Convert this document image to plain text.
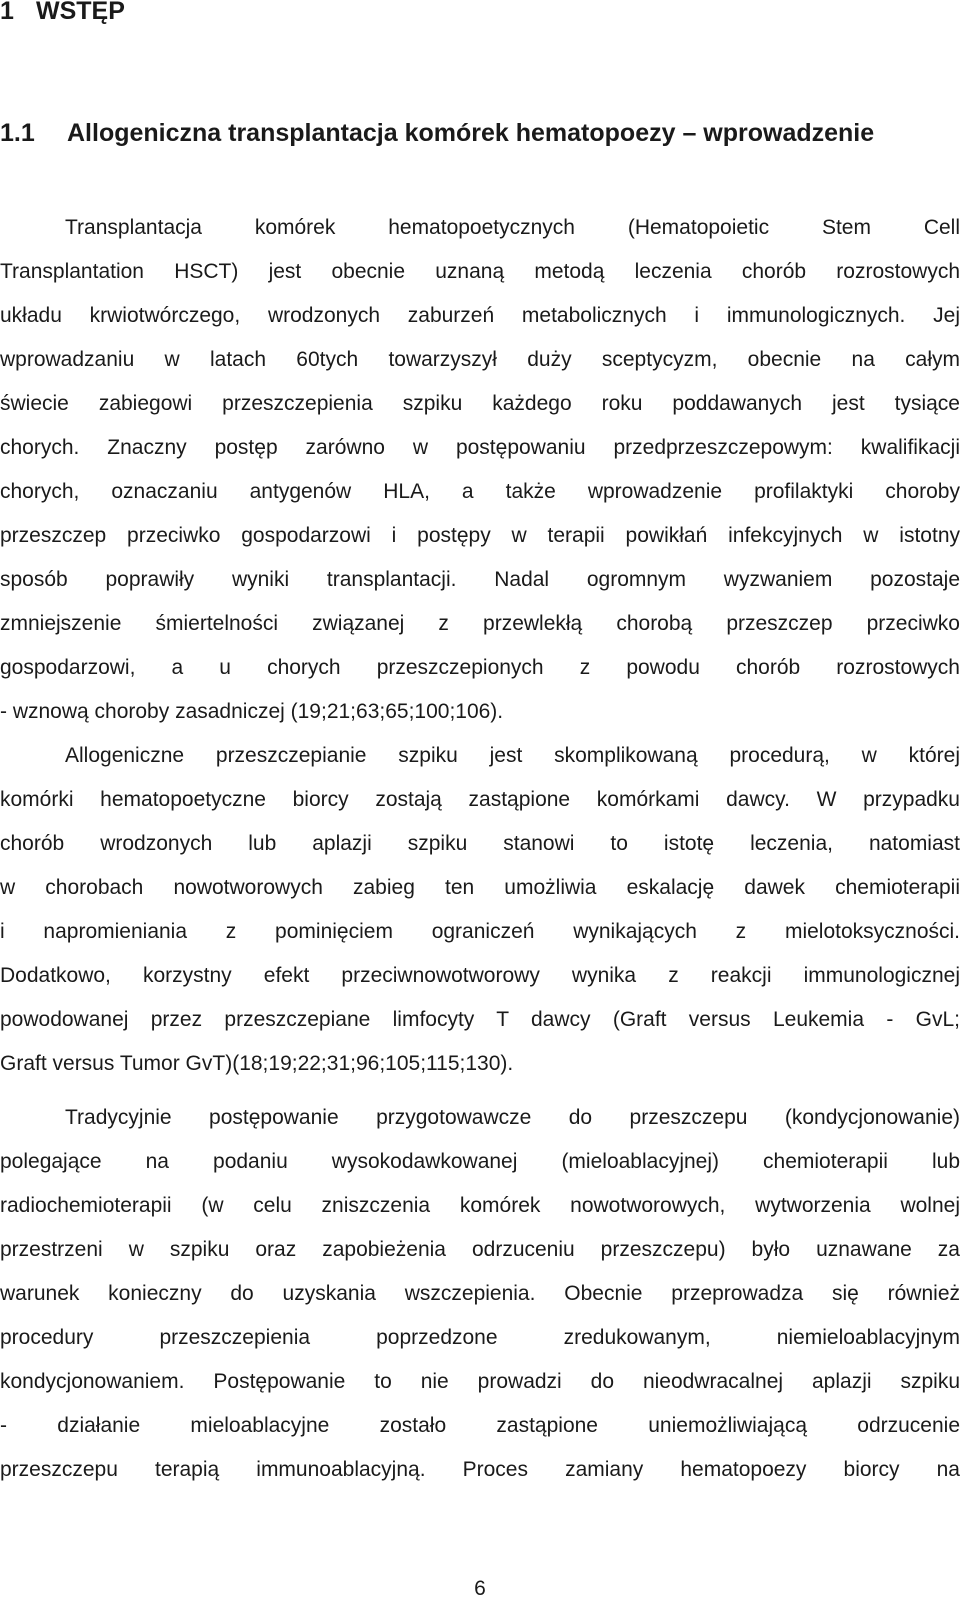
1 WSTĘP
1.1 Allogeniczna transplantacja komórek hematopoezy – wprowadzenie
Transplantacja komórek hematopoetycznych (Hematopoietic Stem Cell
Transplantation HSCT) jest obecnie uznaną metodą leczenia chorób rozrostowych
układu krwiotwórczego, wrodzonych zaburzeń metabolicznych i immunologicznych. Jej
wprowadzaniu w latach 60tych towarzyszył duży sceptycyzm, obecnie na całym
świecie zabiegowi przeszczepienia szpiku każdego roku poddawanych jest tysiące
chorych. Znaczny postęp zarówno w postępowaniu przedprzeszczepowym: kwalifikacji
chorych, oznaczaniu antygenów HLA, a także wprowadzenie profilaktyki choroby
przeszczep przeciwko gospodarzowi i postępy w terapii powikłań infekcyjnych w istotny
sposób poprawiły wyniki transplantacji. Nadal ogromnym wyzwaniem pozostaje
zmniejszenie śmiertelności związanej z przewlekłą chorobą przeszczep przeciwko
gospodarzowi, a u chorych przeszczepionych z powodu chorób rozrostowych
- wznową choroby zasadniczej (19;21;63;65;100;106).
Allogeniczne przeszczepianie szpiku jest skomplikowaną procedurą, w której
komórki hematopoetyczne biorcy zostają zastąpione komórkami dawcy. W przypadku
chorób wrodzonych lub aplazji szpiku stanowi to istotę leczenia, natomiast
w chorobach nowotworowych zabieg ten umożliwia eskalację dawek chemioterapii
i napromieniania z pominięciem ograniczeń wynikających z mielotoksyczności.
Dodatkowo, korzystny efekt przeciwnowotworowy wynika z reakcji immunologicznej
powodowanej przez przeszczepiane limfocyty T dawcy (Graft versus Leukemia - GvL;
Graft versus Tumor GvT)(18;19;22;31;96;105;115;130).
Tradycyjnie postępowanie przygotowawcze do przeszczepu (kondycjonowanie)
polegające na podaniu wysokodawkowanej (mieloablacyjnej) chemioterapii lub
radiochemioterapii (w celu zniszczenia komórek nowotworowych, wytworzenia wolnej
przestrzeni w szpiku oraz zapobieżenia odrzuceniu przeszczepu) było uznawane za
warunek konieczny do uzyskania wszczepienia. Obecnie przeprowadza się również
procedury przeszczepienia poprzedzone zredukowanym, niemieloablacyjnym
kondycjonowaniem. Postępowanie to nie prowadzi do nieodwracalnej aplazji szpiku
- działanie mieloablacyjne zostało zastąpione uniemożliwiającą odrzucenie
przeszczepu terapią immunoablacyjną. Proces zamiany hematopoezy biorcy na
6
